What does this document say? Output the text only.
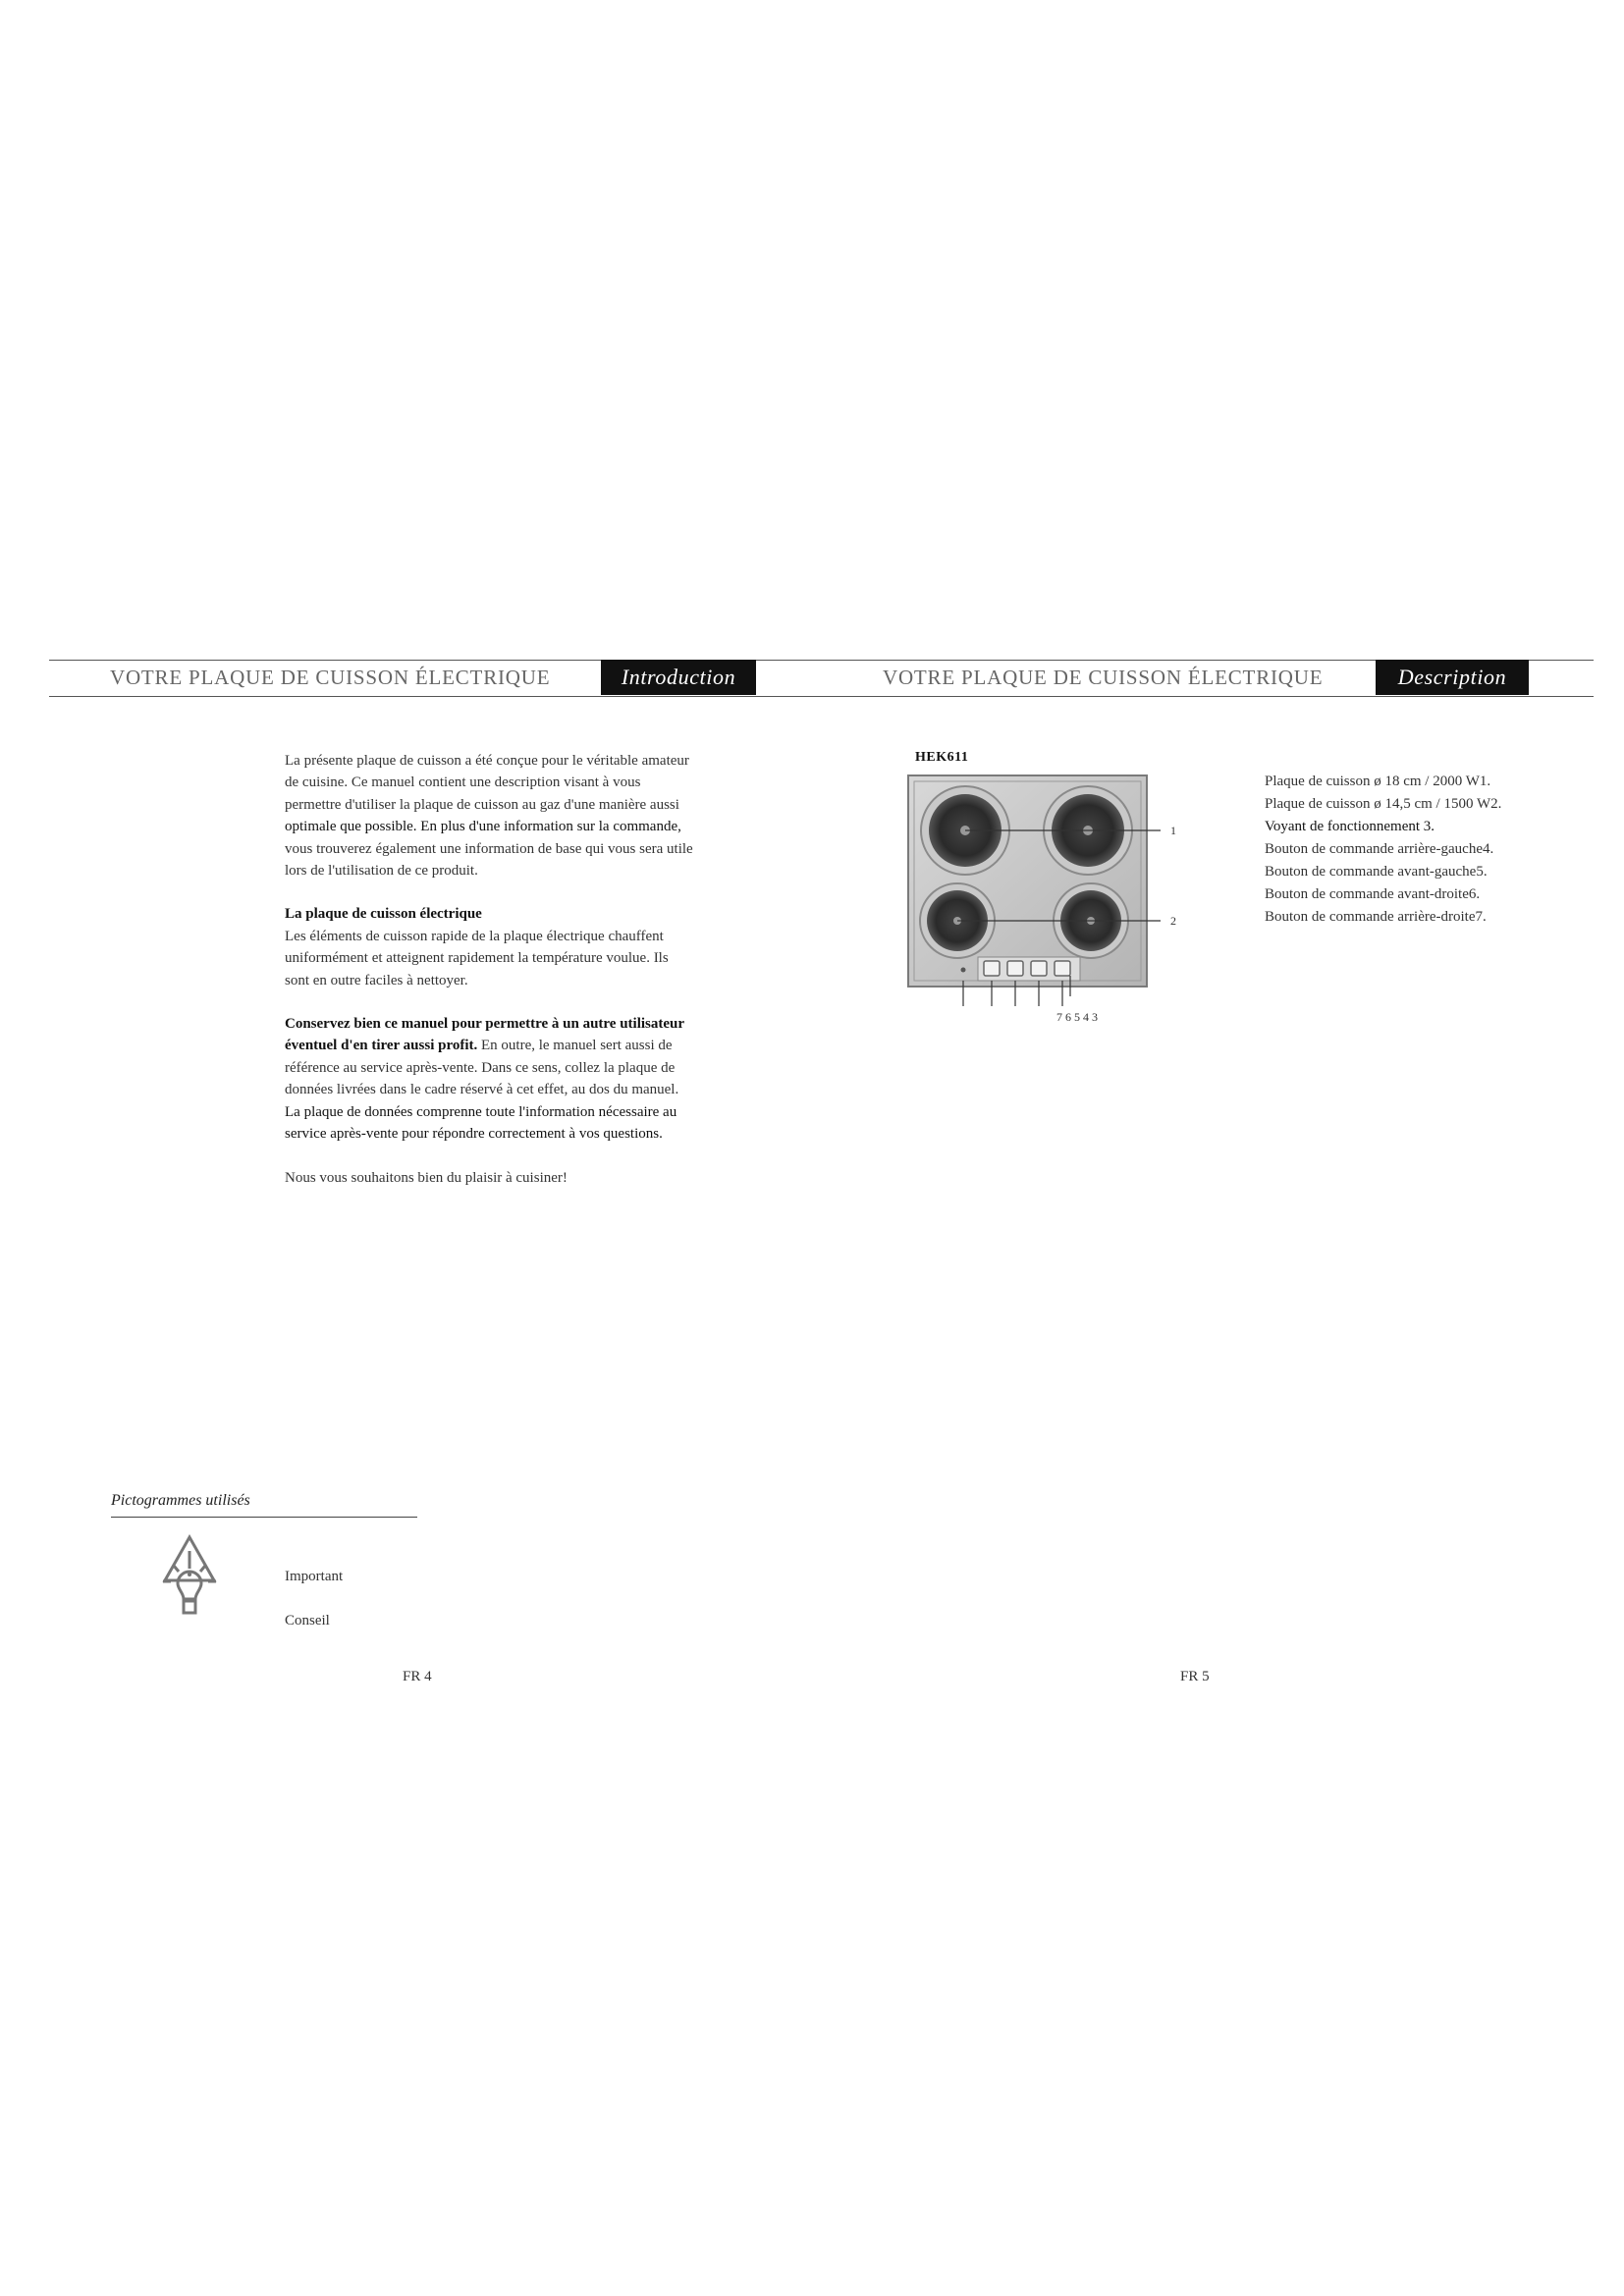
VOTRE PLAQUE DE CUISSON ÉLECTRIQUE	Introduction

La présente plaque de cuisson a été conçue pour le véritable amateur
de cuisine. Ce manuel contient une description visant à vous
permettre d'utiliser la plaque de cuisson au gaz d'une manière aussi
optimale que possible. En plus d'une information sur la commande,
vous trouverez également une information de base qui vous sera utile
lors de l'utilisation de ce produit.

La plaque de cuisson électrique
Les éléments de cuisson rapide de la plaque électrique chauffent
uniformément et atteignent rapidement la température voulue. Ils
sont en outre faciles à nettoyer.

Conservez bien ce manuel pour permettre à un autre utilisateur
éventuel d'en tirer aussi profit. En outre, le manuel sert aussi de
référence au service après-vente. Dans ce sens, collez la plaque de
données livrées dans le cadre réservé à cet effet, au dos du manuel.
La plaque de données comprenne toute l'information nécessaire au
service après-vente pour répondre correctement à vos questions.

Nous vous souhaitons bien du plaisir à cuisiner!

Pictogrammes utilisés
Important
Conseil
FR 4
VOTRE PLAQUE DE CUISSON ÉLECTRIQUE	Description
HEK611
1
2
7 6 5 4 3
Plaque de cuisson ø 18 cm / 2000 W1.
Plaque de cuisson ø 14,5 cm / 1500 W2.
Voyant de fonctionnement 3.
Bouton de commande arrière-gauche4.
Bouton de commande avant-gauche5.
Bouton de commande avant-droite6.
Bouton de commande arrière-droite7.
FR 5
